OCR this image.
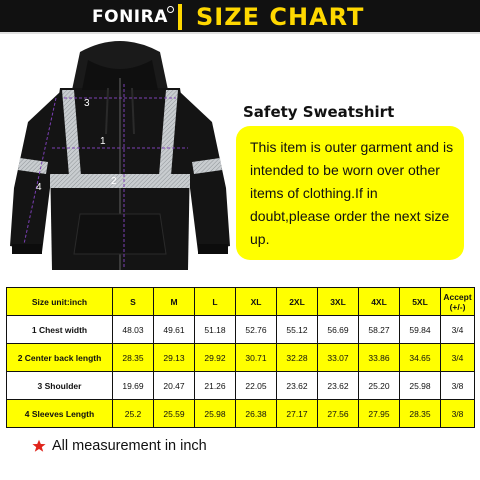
FONIRA SIZE CHART
3
1
2
4
Safety Sweatshirt
This item is outer garment and is intended to be worn over other items of clothing.If in doubt,please order the next size up.
Size unit:inch	S	M	L	XL	2XL	3XL	4XL	5XL	Accept (+/-)
1 Chest width	48.03	49.61	51.18	52.76	55.12	56.69	58.27	59.84	3/4
2 Center back length	28.35	29.13	29.92	30.71	32.28	33.07	33.86	34.65	3/4
3 Shoulder	19.69	20.47	21.26	22.05	23.62	23.62	25.20	25.98	3/8
4 Sleeves Length	25.2	25.59	25.98	26.38	27.17	27.56	27.95	28.35	3/8
All measurement in inch
